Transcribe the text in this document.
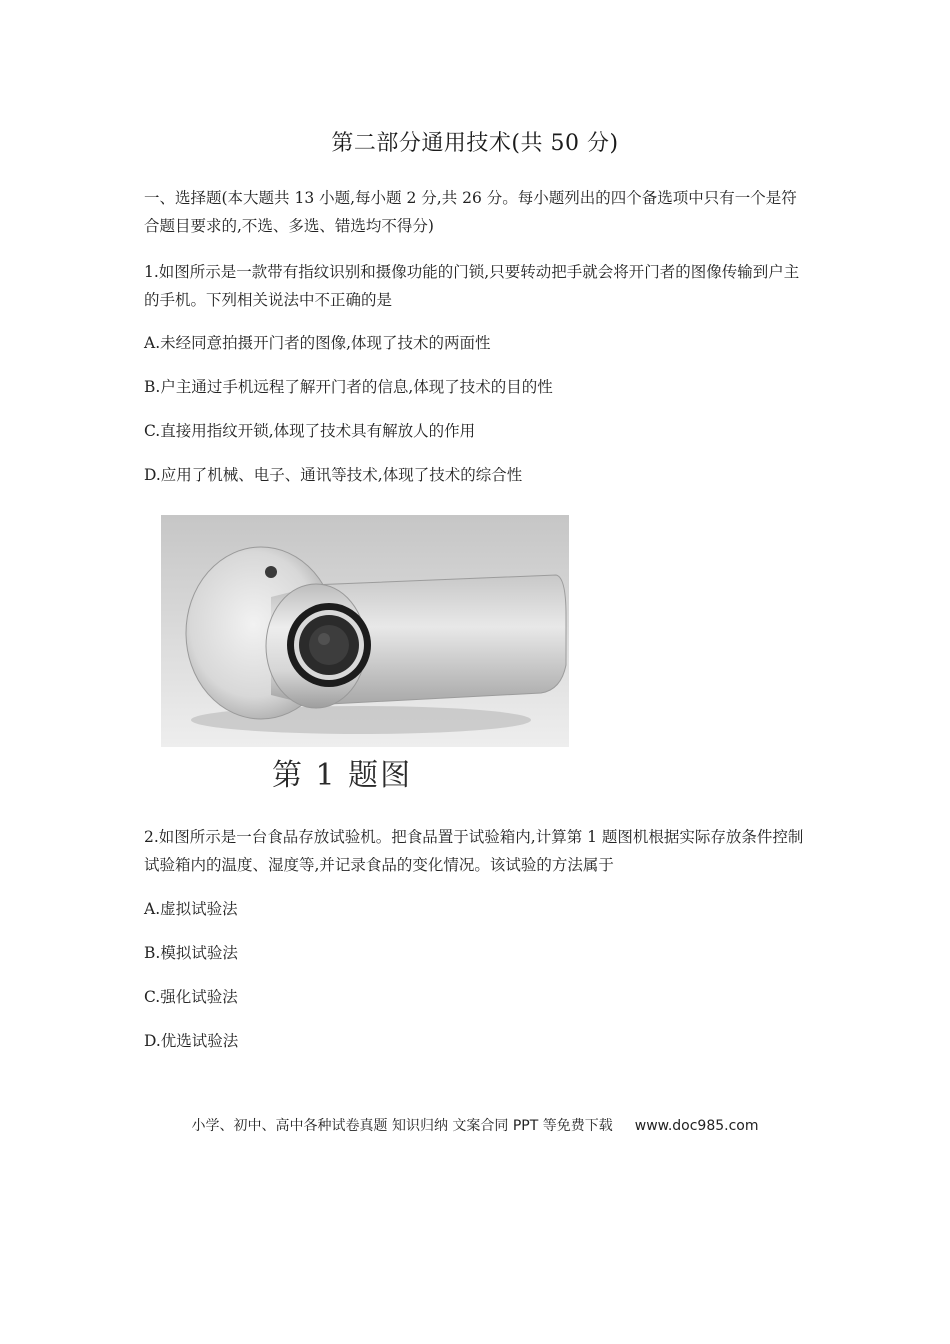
第二部分通用技术(共 50 分)
一、选择题(本大题共 13 小题,每小题 2 分,共 26 分。每小题列出的四个备选项中只有一个是符合题目要求的,不选、多选、错选均不得分)
1.如图所示是一款带有指纹识别和摄像功能的门锁,只要转动把手就会将开门者的图像传输到户主的手机。下列相关说法中不正确的是
A.未经同意拍摄开门者的图像,体现了技术的两面性
B.户主通过手机远程了解开门者的信息,体现了技术的目的性
C.直接用指纹开锁,体现了技术具有解放人的作用
D.应用了机械、电子、通讯等技术,体现了技术的综合性
第 1 题图
2.如图所示是一台食品存放试验机。把食品置于试验箱内,计算第 1 题图机根据实际存放条件控制试验箱内的温度、湿度等,并记录食品的变化情况。该试验的方法属于
A.虚拟试验法
B.模拟试验法
C.强化试验法
D.优选试验法
小学、初中、高中各种试卷真题 知识归纳 文案合同 PPT 等免费下载 www.doc985.com
